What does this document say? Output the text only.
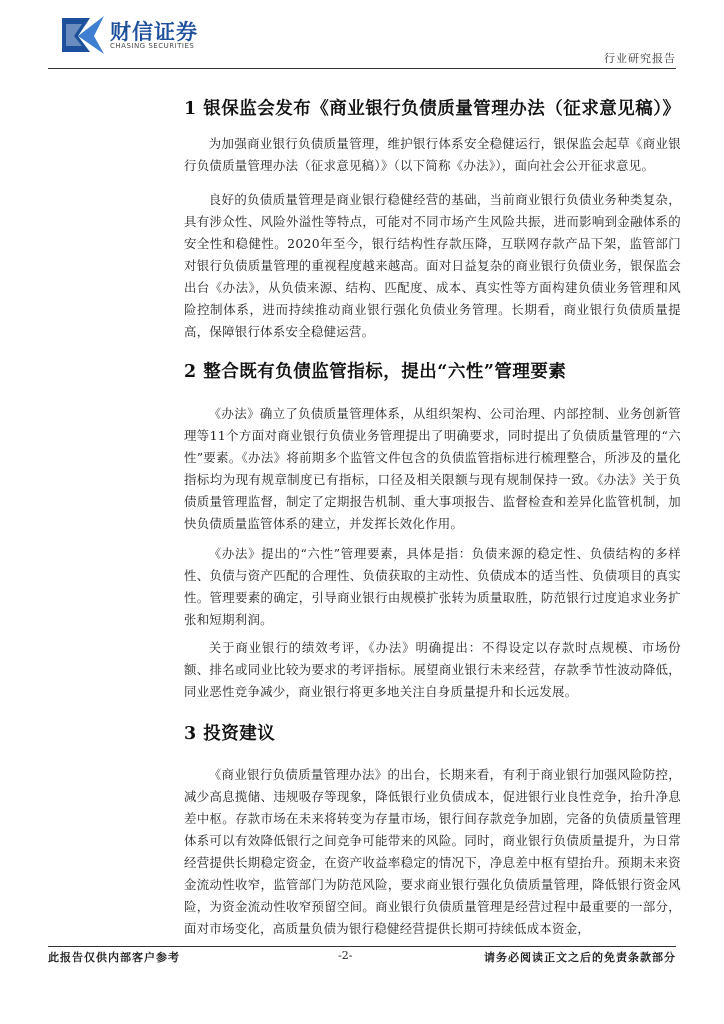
财信证券
CHASING SECURITIES
行业研究报告
1 银保监会发布《商业银行负债质量管理办法（征求意见稿）》

为加强商业银行负债质量管理，维护银行体系安全稳健运行，银保监会起草《商业银行负债质量管理办法（征求意见稿）》（以下简称《办法》），面向社会公开征求意见。

良好的负债质量管理是商业银行稳健经营的基础，当前商业银行负债业务种类复杂，具有涉众性、风险外溢性等特点，可能对不同市场产生风险共振，进而影响到金融体系的安全性和稳健性。2020年至今，银行结构性存款压降，互联网存款产品下架，监管部门对银行负债质量管理的重视程度越来越高。面对日益复杂的商业银行负债业务，银保监会出台《办法》，从负债来源、结构、匹配度、成本、真实性等方面构建负债业务管理和风险控制体系，进而持续推动商业银行强化负债业务管理。长期看，商业银行负债质量提高，保障银行体系安全稳健运营。

2 整合既有负债监管指标，提出“六性”管理要素

《办法》确立了负债质量管理体系，从组织架构、公司治理、内部控制、业务创新管理等11个方面对商业银行负债业务管理提出了明确要求，同时提出了负债质量管理的“六性”要素。《办法》将前期多个监管文件包含的负债监管指标进行梳理整合，所涉及的量化指标均为现有规章制度已有指标，口径及相关限额与现有规制保持一致。《办法》关于负债质量管理监督，制定了定期报告机制、重大事项报告、监督检查和差异化监管机制，加快负债质量监管体系的建立，并发挥长效化作用。

《办法》提出的“六性”管理要素，具体是指：负债来源的稳定性、负债结构的多样性、负债与资产匹配的合理性、负债获取的主动性、负债成本的适当性、负债项目的真实性。管理要素的确定，引导商业银行由规模扩张转为质量取胜，防范银行过度追求业务扩张和短期利润。

关于商业银行的绩效考评，《办法》明确提出：不得设定以存款时点规模、市场份额、排名或同业比较为要求的考评指标。展望商业银行未来经营，存款季节性波动降低，同业恶性竞争减少，商业银行将更多地关注自身质量提升和长远发展。

3 投资建议

《商业银行负债质量管理办法》的出台，长期来看，有利于商业银行加强风险防控，减少高息揽储、违规吸存等现象，降低银行业负债成本，促进银行业良性竞争，抬升净息差中枢。存款市场在未来将转变为存量市场，银行间存款竞争加剧，完备的负债质量管理体系可以有效降低银行之间竞争可能带来的风险。同时，商业银行负债质量提升，为日常经营提供长期稳定资金，在资产收益率稳定的情况下，净息差中枢有望抬升。预期未来资金流动性收窄，监管部门为防范风险，要求商业银行强化负债质量管理，降低银行资金风险，为资金流动性收窄预留空间。商业银行负债质量管理是经营过程中最重要的一部分，面对市场变化，高质量负债为银行稳健经营提供长期可持续低成本资金，

此报告仅供内部客户参考	-2-	请务必阅读正文之后的免责条款部分
